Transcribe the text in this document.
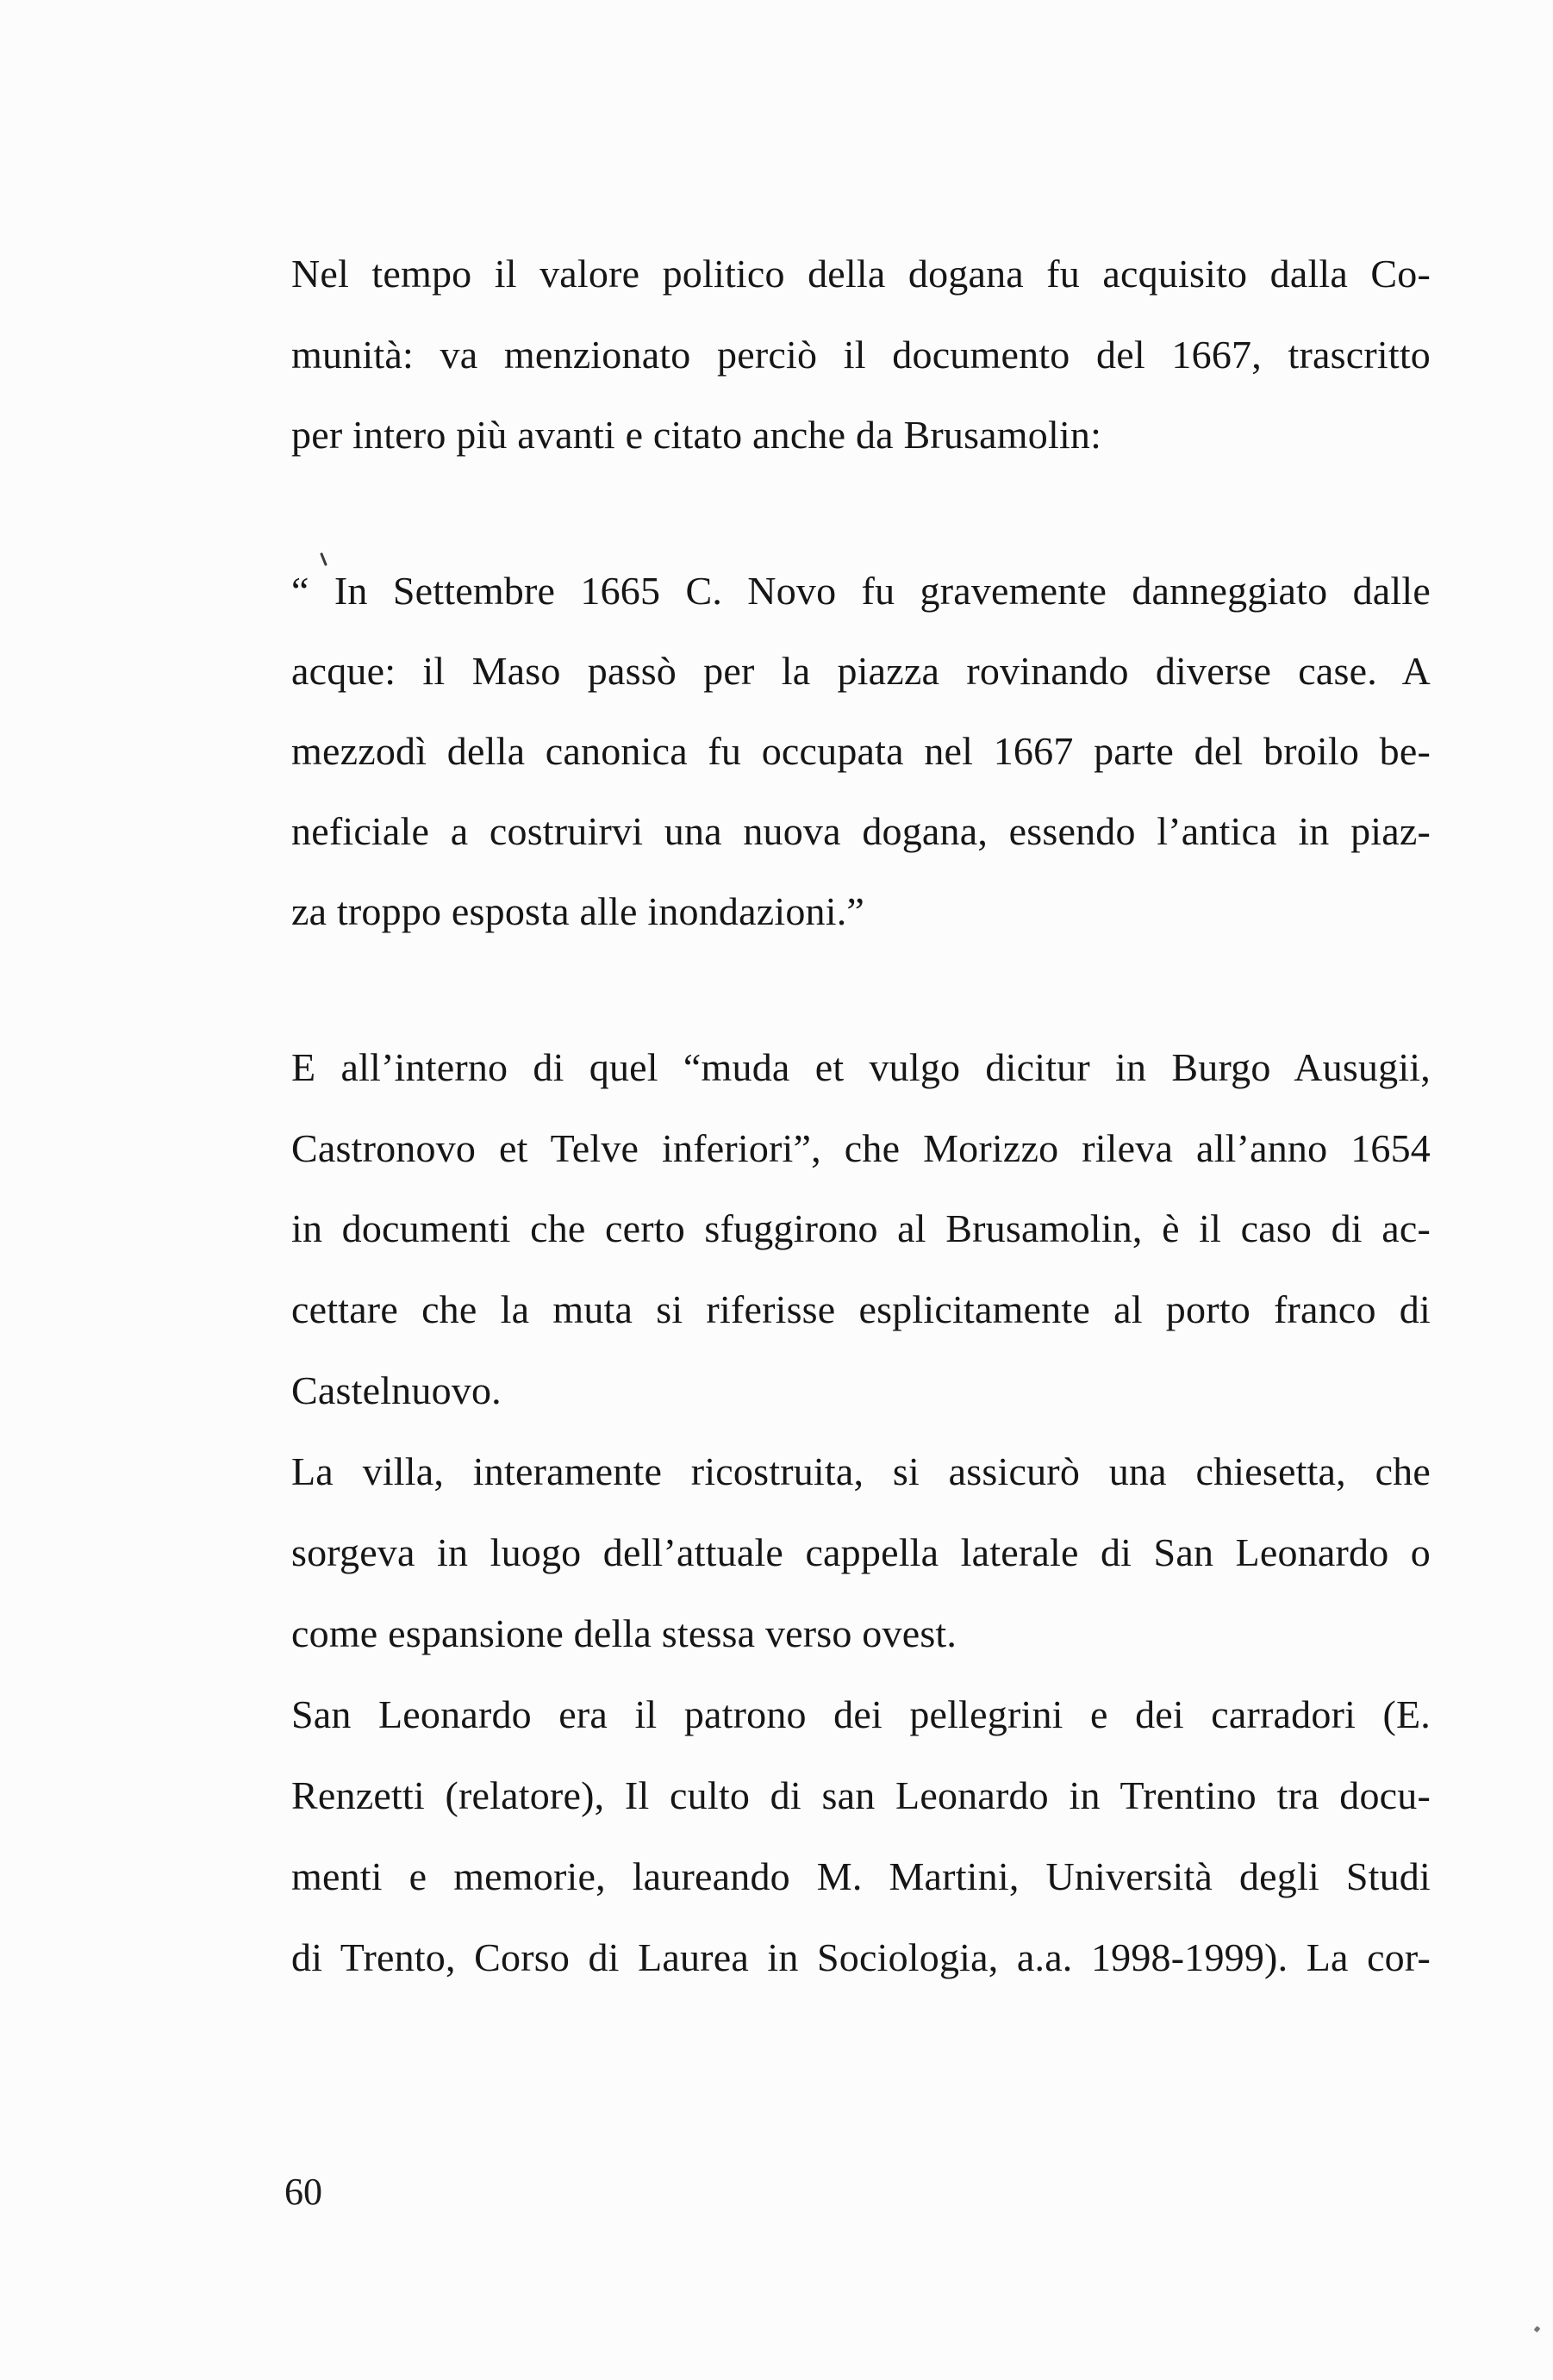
Nel tempo il valore politico della dogana fu acquisito dalla Co-
munità: va menzionato perciò il documento del 1667, trascritto
per intero più avanti e citato anche da Brusamolin:
“ In Settembre 1665 C. Novo fu gravemente danneggiato dalle
acque: il Maso passò per la piazza rovinando diverse case. A
mezzodì della canonica fu occupata nel 1667 parte del broilo be-
neficiale a costruirvi una nuova dogana, essendo l’antica in piaz-
za troppo esposta alle inondazioni.”
E all’interno di quel “muda et vulgo dicitur in Burgo Ausugii,
Castronovo et Telve inferiori”, che Morizzo rileva all’anno 1654
in documenti che certo sfuggirono al Brusamolin, è il caso di ac-
cettare che la muta si riferisse esplicitamente al porto franco di
Castelnuovo.
La villa, interamente ricostruita, si assicurò una chiesetta, che
sorgeva in luogo dell’attuale cappella laterale di San Leonardo o
come espansione della stessa verso ovest.
San Leonardo era il patrono dei pellegrini e dei carradori (E.
Renzetti (relatore), Il culto di san Leonardo in Trentino tra docu-
menti e memorie, laureando M. Martini, Università degli Studi
di Trento, Corso di Laurea in Sociologia, a.a. 1998-1999). La cor-
60
